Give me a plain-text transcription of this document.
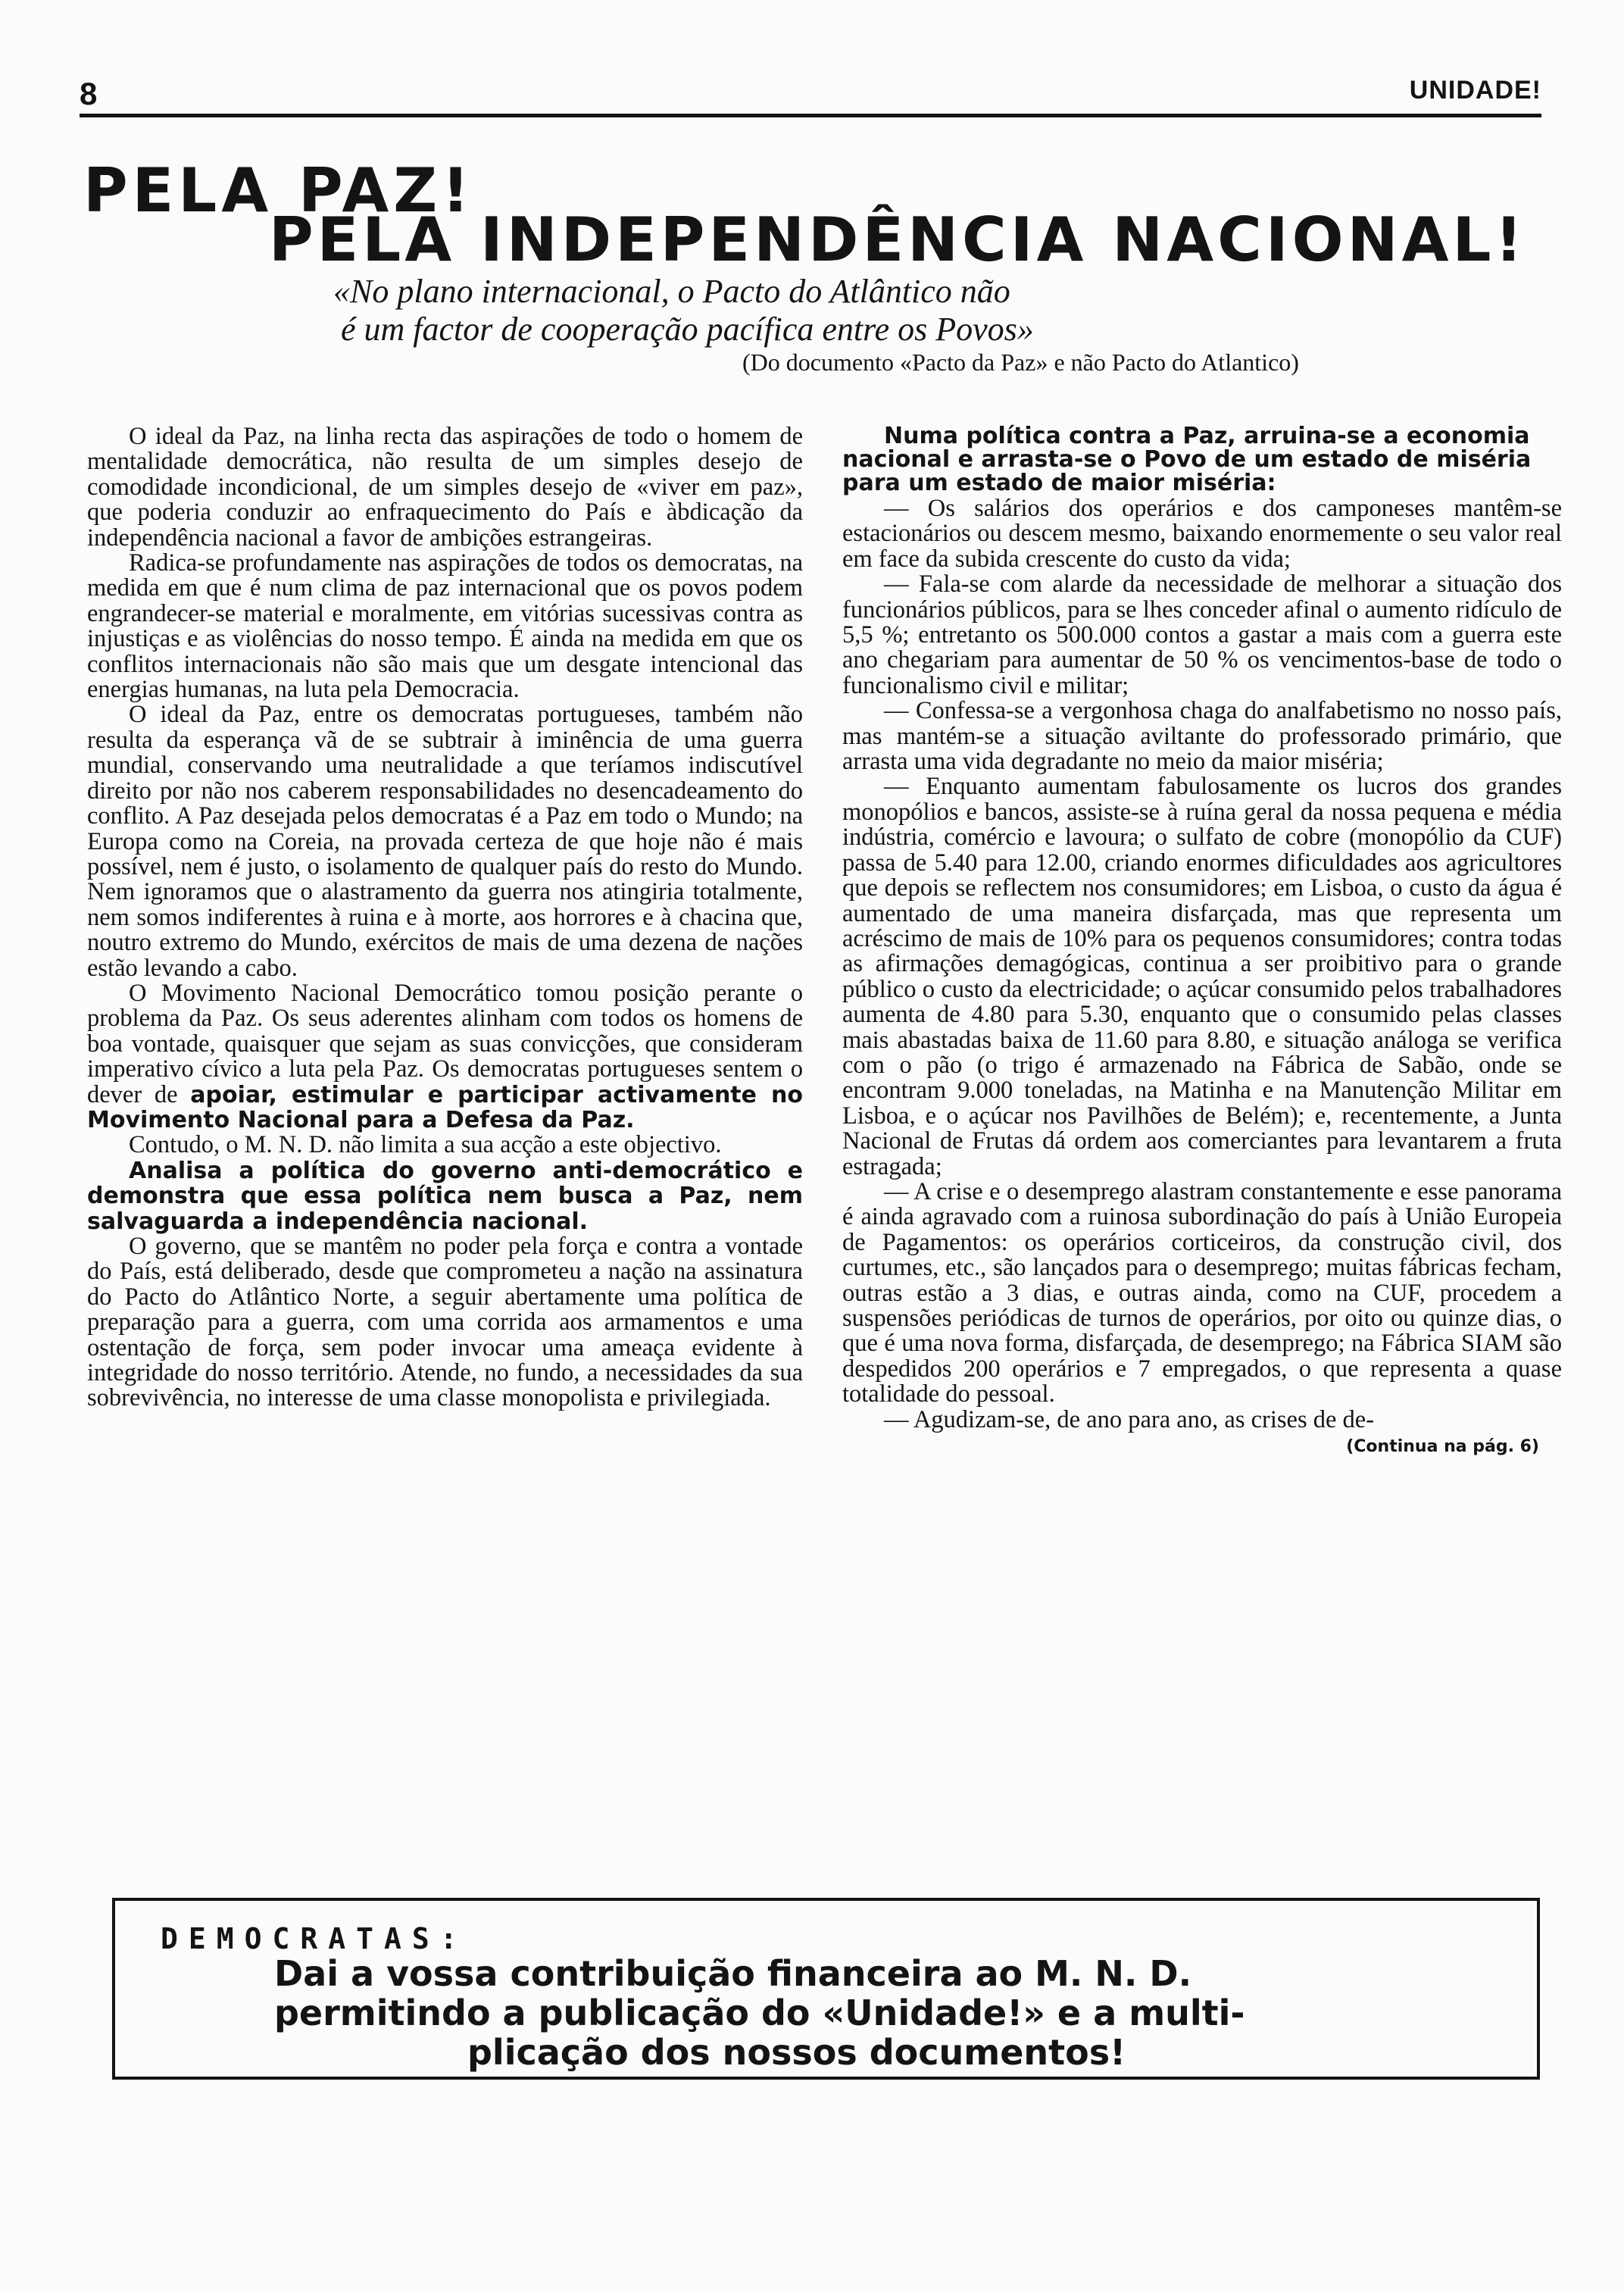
8	UNIDADE!
PELA PAZ!
PELA INDEPENDÊNCIA NACIONAL!
«No plano internacional, o Pacto do Atlântico não
é um factor de cooperação pacífica entre os Povos»
(Do documento «Pacto da Paz» e não Pacto do Atlantico)

O ideal da Paz, na linha recta das aspirações de todo o homem de mentalidade democrática, não resulta de um simples desejo de comodidade incondicional, de um simples desejo de «viver em paz», que poderia conduzir ao enfraquecimento do País e àbdicação da independência nacional a favor de ambições estrangeiras.

Radica-se profundamente nas aspirações de todos os democratas, na medida em que é num clima de paz internacional que os povos podem engrandecer-se material e moralmente, em vitórias sucessivas contra as injustiças e as violências do nosso tempo. É ainda na medida em que os conflitos internacionais não são mais que um desgate intencional das energias humanas, na luta pela Democracia.

O ideal da Paz, entre os democratas portugueses, também não resulta da esperança vã de se subtrair à iminência de uma guerra mundial, conservando uma neutralidade a que teríamos indiscutível direito por não nos caberem responsabilidades no desencadeamento do conflito. A Paz desejada pelos democratas é a Paz em todo o Mundo; na Europa como na Coreia, na provada certeza de que hoje não é mais possível, nem é justo, o isolamento de qualquer país do resto do Mundo. Nem ignoramos que o alastramento da guerra nos atingiria totalmente, nem somos indiferentes à ruina e à morte, aos horrores e à chacina que, noutro extremo do Mundo, exércitos de mais de uma dezena de nações estão levando a cabo.

O Movimento Nacional Democrático tomou posição perante o problema da Paz. Os seus aderentes alinham com todos os homens de boa vontade, quaisquer que sejam as suas convicções, que consideram imperativo cívico a luta pela Paz. Os democratas portugueses sentem o dever de apoiar, estimular e participar activamente no Movimento Nacional para a Defesa da Paz.

Contudo, o M. N. D. não limita a sua acção a este objectivo.

Analisa a política do governo anti-democrático e demonstra que essa política nem busca a Paz, nem salvaguarda a independência nacional.

O governo, que se mantêm no poder pela força e contra a vontade do País, está deliberado, desde que comprometeu a nação na assinatura do Pacto do Atlântico Norte, a seguir abertamente uma política de preparação para a guerra, com uma corrida aos armamentos e uma ostentação de força, sem poder invocar uma ameaça evidente à integridade do nosso território. Atende, no fundo, a necessidades da sua sobrevivência, no interesse de uma classe monopolista e privilegiada.

Numa política contra a Paz, arruina-se a economia nacional e arrasta-se o Povo de um estado de miséria para um estado de maior miséria:

— Os salários dos operários e dos camponeses mantêm-se estacionários ou descem mesmo, baixando enormemente o seu valor real em face da subida crescente do custo da vida;

— Fala-se com alarde da necessidade de melhorar a situação dos funcionários públicos, para se lhes conceder afinal o aumento ridículo de 5,5 %; entretanto os 500.000 contos a gastar a mais com a guerra este ano chegariam para aumentar de 50 % os vencimentos-base de todo o funcionalismo civil e militar;

— Confessa-se a vergonhosa chaga do analfabetismo no nosso país, mas mantém-se a situação aviltante do professorado primário, que arrasta uma vida degradante no meio da maior miséria;

— Enquanto aumentam fabulosamente os lucros dos grandes monopólios e bancos, assiste-se à ruína geral da nossa pequena e média indústria, comércio e lavoura; o sulfato de cobre (monopólio da CUF) passa de 5.40 para 12.00, criando enormes dificuldades aos agricultores que depois se reflectem nos consumidores; em Lisboa, o custo da água é aumentado de uma maneira disfarçada, mas que representa um acréscimo de mais de 10% para os pequenos consumidores; contra todas as afirmações demagógicas, continua a ser proibitivo para o grande público o custo da electricidade; o açúcar consumido pelos trabalhadores aumenta de 4.80 para 5.30, enquanto que o consumido pelas classes mais abastadas baixa de 11.60 para 8.80, e situação análoga se verifica com o pão (o trigo é armazenado na Fábrica de Sabão, onde se encontram 9.000 toneladas, na Matinha e na Manutenção Militar em Lisboa, e o açúcar nos Pavilhões de Belém); e, recentemente, a Junta Nacional de Frutas dá ordem aos comerciantes para levantarem a fruta estragada;

— A crise e o desemprego alastram constantemente e esse panorama é ainda agravado com a ruinosa subordinação do país à União Europeia de Pagamentos: os operários corticeiros, da construção civil, dos curtumes, etc., são lançados para o desemprego; muitas fábricas fecham, outras estão a 3 dias, e outras ainda, como na CUF, procedem a suspensões periódicas de turnos de operários, por oito ou quinze dias, o que é uma nova forma, disfarçada, de desemprego; na Fábrica SIAM são despedidos 200 operários e 7 empregados, o que representa a quase totalidade do pessoal.

— Agudizam-se, de ano para ano, as crises de de-

(Continua na pág. 6)
DEMOCRATAS:
Dai a vossa contribuição financeira ao M. N. D.
permitindo a publicação do «Unidade!» e a multi-
plicação dos nossos documentos!
